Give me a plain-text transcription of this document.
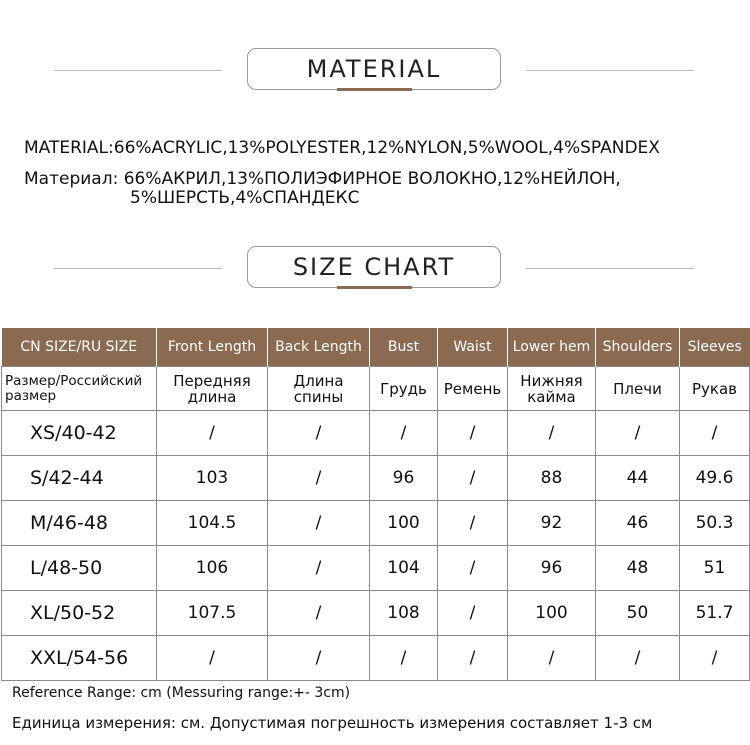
MATERIAL
MATERIAL:66%ACRYLIC,13%POLYESTER,12%NYLON,5%WOOL,4%SPANDEX
Материал: 66%АКРИЛ,13%ПОЛИЭФИРНОЕ ВОЛОКНО,12%НЕЙЛОН,
5%ШЕРСТЬ,4%СПАНДЕКС
SIZE CHART
CN SIZE/RU SIZE	Front Length	Back Length	Bust	Waist	Lower hem	Shoulders	Sleeves
Размер/Российский размер	Передняя длина	Длина спины	Грудь	Ремень	Нижняя кайма	Плечи	Рукав
XS/40-42	/	/	/	/	/	/	/
S/42-44	103	/	96	/	88	44	49.6
M/46-48	104.5	/	100	/	92	46	50.3
L/48-50	106	/	104	/	96	48	51
XL/50-52	107.5	/	108	/	100	50	51.7
XXL/54-56	/	/	/	/	/	/	/
Reference Range: cm (Messuring range:+- 3cm)
Единица измерения: см. Допустимая погрешность измерения составляет 1-3 см
